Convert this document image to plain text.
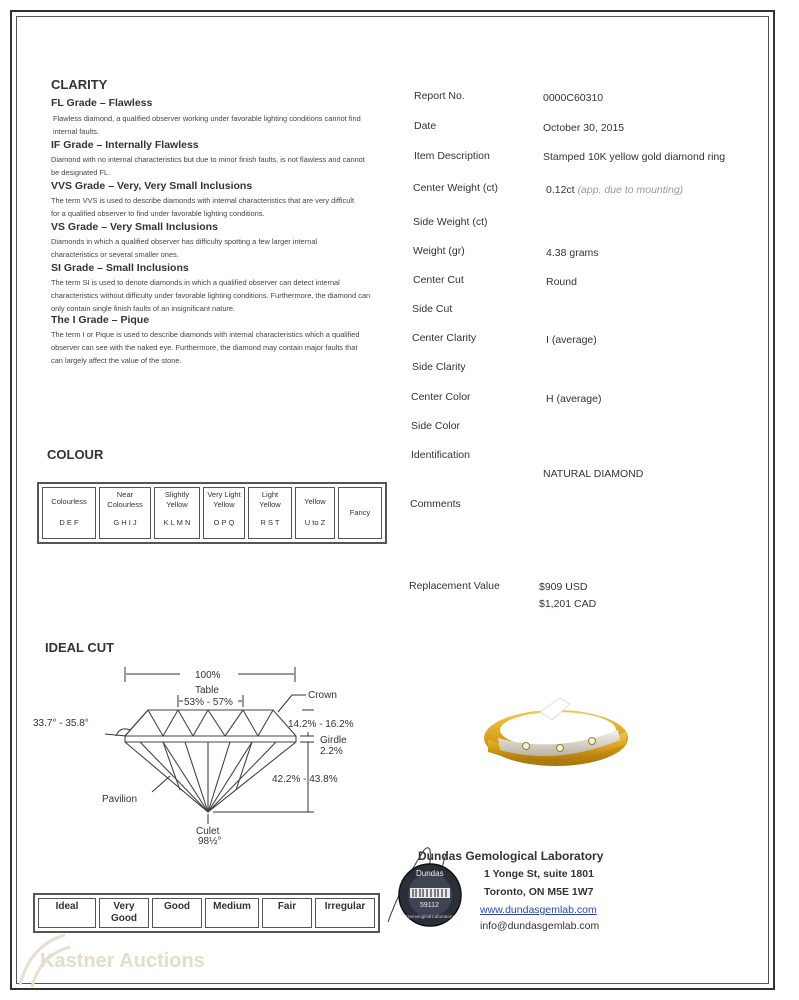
CLARITY
FL Grade – Flawless
Flawless diamond, a qualified observer working under favorable lighting conditions cannot find internal faults.
IF Grade – Internally Flawless
Diamond with no internal characteristics but due to minor finish faults, is not flawless and cannot be designated FL.
VVS Grade – Very, Very Small Inclusions
The term VVS is used to describe diamonds with internal characteristics that are very difficult for a qualified observer to find under favorable lighting conditions.
VS Grade – Very Small Inclusions
Diamonds in which a qualified observer has difficulty spotting a few larger internal characteristics or several smaller ones.
SI Grade – Small Inclusions
The term SI is used to denote diamonds in which a qualified observer can detect internal characteristics without difficulty under favorable lighting conditions. Furthermore, the diamond can only contain single finish faults of an insignificant nature.
The I Grade – Pique
The term I or Pique is used to describe diamonds with internal characteristics which a qualified observer can see with the naked eye. Furthermore, the diamond may contain major faults that can largely affect the value of the stone.
COLOUR
Colourless
D E F

Near Colourless
G H I J

Slightly Yellow
K L M N

Very Light Yellow
O P Q

Light Yellow
R S T

Yellow
U to Z

Fancy
IDEAL CUT
100%
Table
53% - 57%
Crown
33.7° - 35.8°	14.2% - 16.2%
Girdle
2.2%
42.2% - 43.8%
Pavilion
Culet
98½°
Ideal	Very Good	Good	Medium	Fair	Irregular
Report No.	0000C60310
Date	October 30, 2015
Item Description	Stamped 10K yellow gold diamond ring
Center Weight (ct)	0.12ct (app. due to mounting)
Side Weight (ct)
Weight (gr)	4.38 grams
Center Cut	Round
Side Cut
Center Clarity	I (average)
Side Clarity
Center Color	H (average)
Side Color
Identification
NATURAL DIAMOND
Comments
Replacement Value	$909 USD
$1,201 CAD
Dundas
59112
Gemological Laboratory
Dundas Gemological Laboratory
1 Yonge St, suite 1801
Toronto, ON M5E 1W7
www.dundasgemlab.com
info@dundasgemlab.com
Kastner Auctions
